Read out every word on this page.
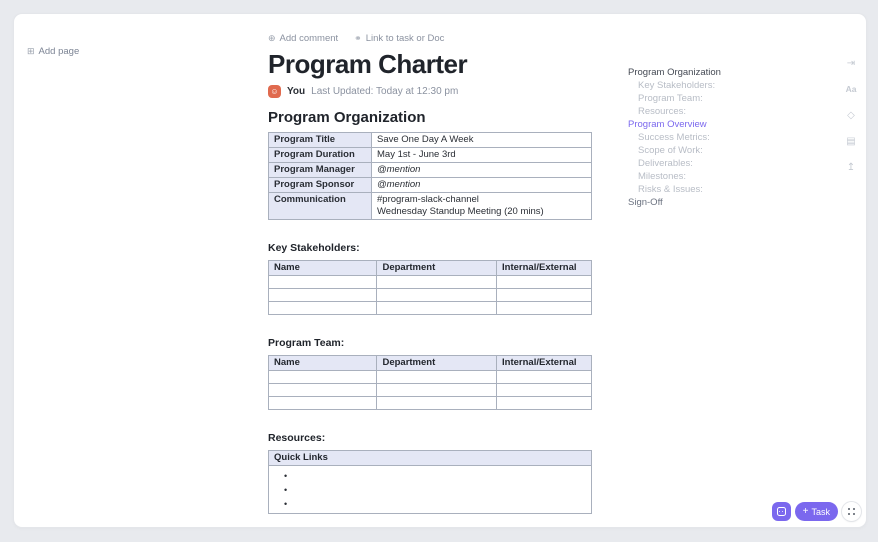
⊞ Add page
⊕ Add comment ⚭ Link to task or Doc
Program Charter
☺ You Last Updated: Today at 12:30 pm
Program Organization
Program Title	Save One Day A Week
Program Duration	May 1st - June 3rd
Program Manager	@mention
Program Sponsor	@mention
Communication	#program-slack-channel
Wednesday Standup Meeting (20 mins)
Key Stakeholders:
Name	Department	Internal/External

Program Team:
Name	Department	Internal/External

Resources:
Quick Links

•
•
•
Program Organization
Key Stakeholders:
Program Team:
Resources:
Program Overview
Success Metrics:
Scope of Work:
Deliverables:
Milestones:
Risks & Issues:
Sign-Off
⇥
Aa
◇
▤
↥
+ Task
